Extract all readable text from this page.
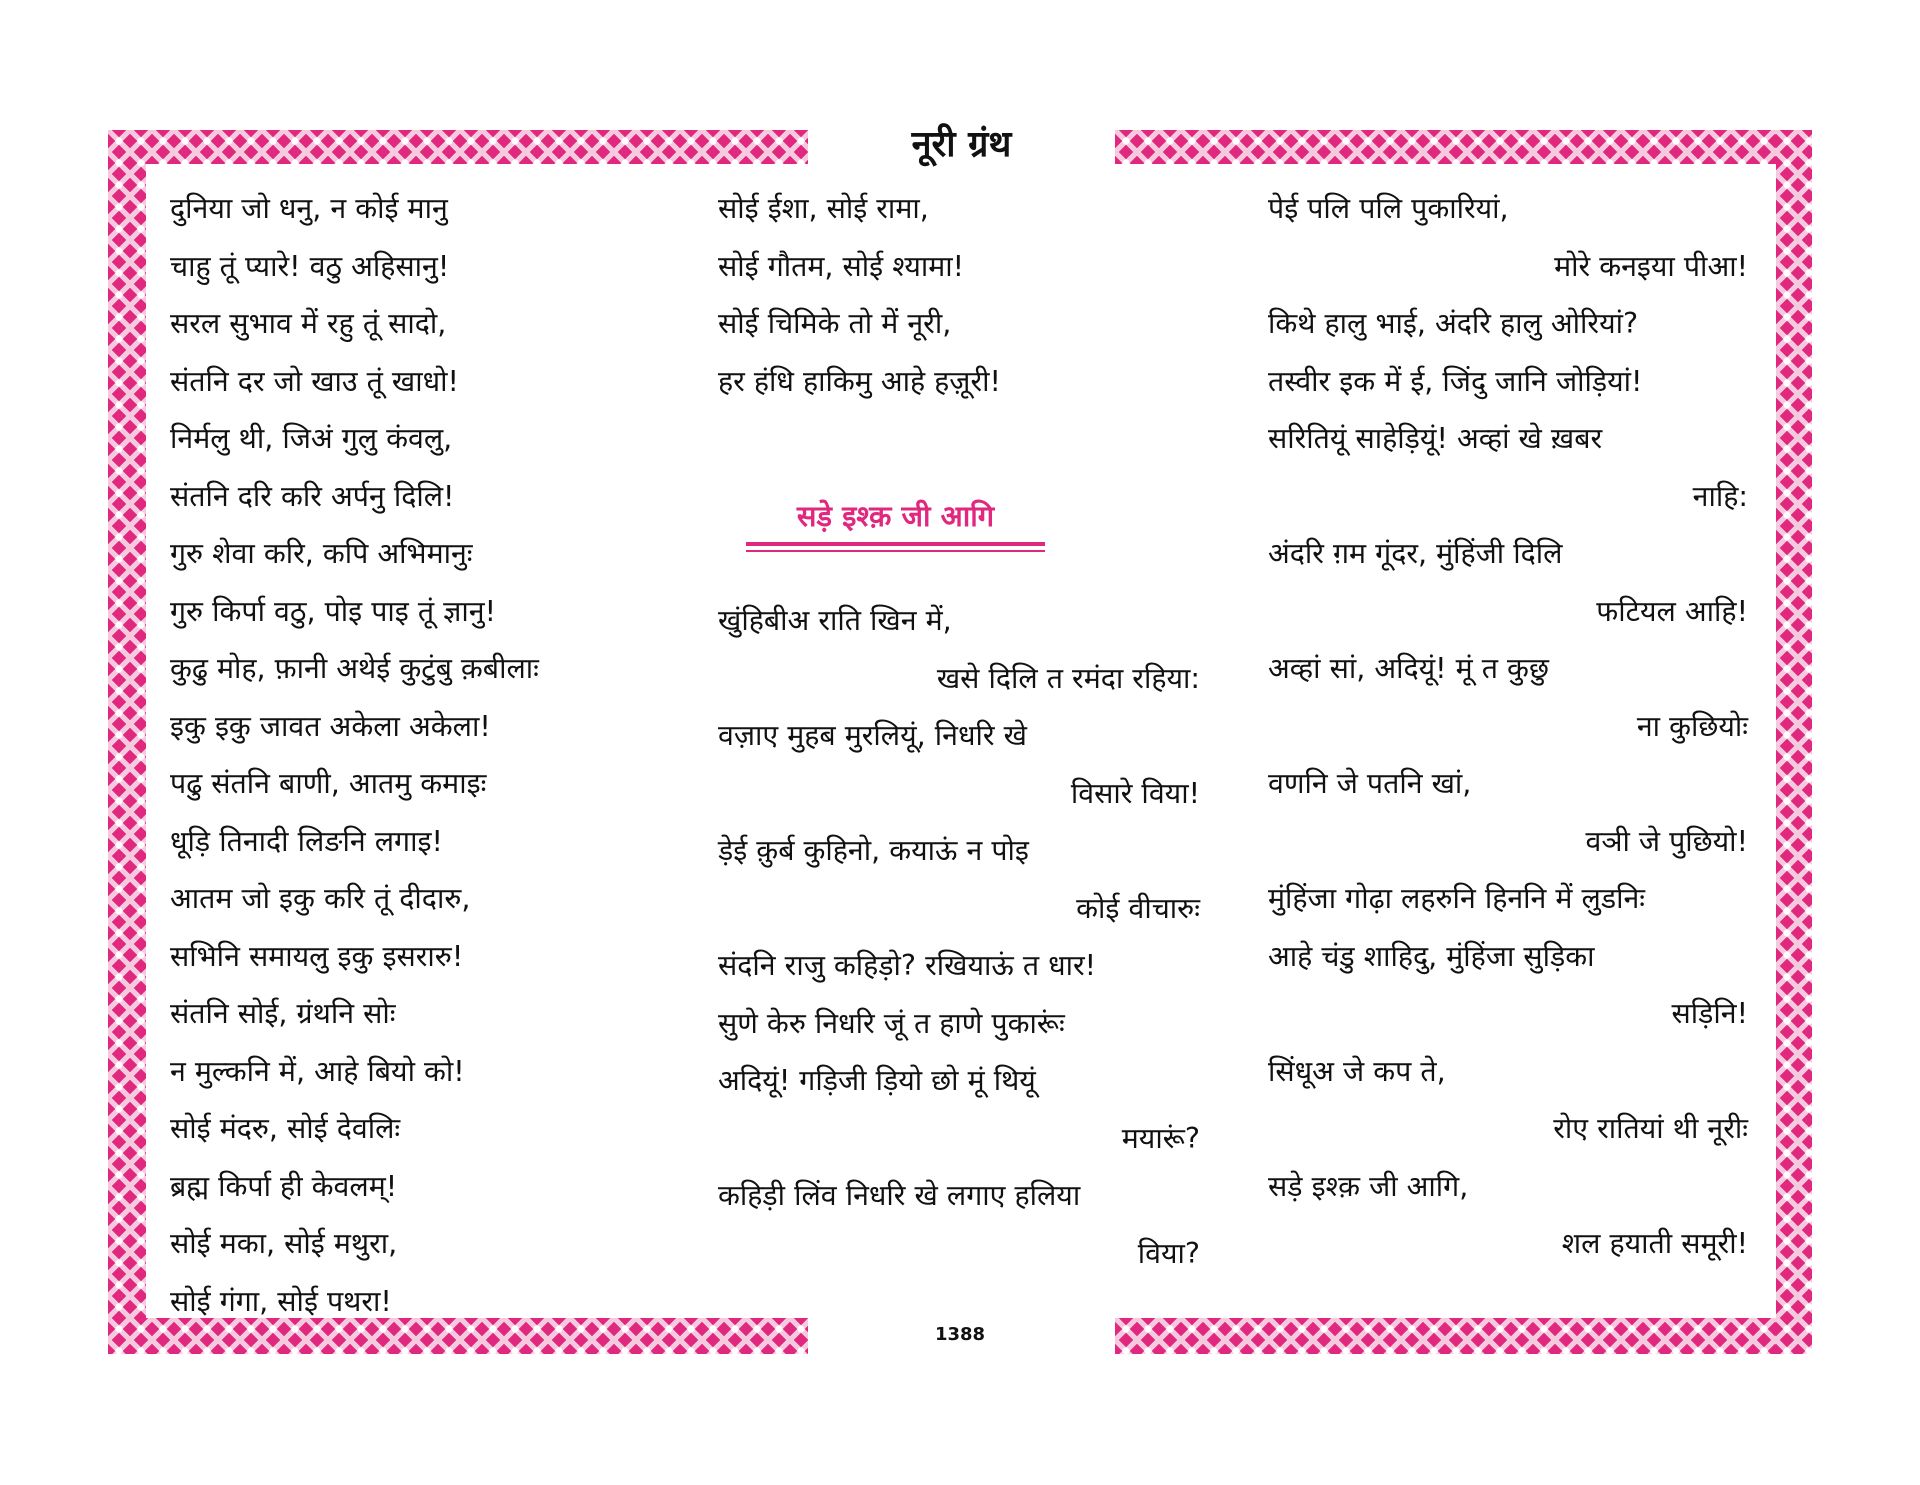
नूरी ग्रंथ
दुनिया जो धनु, न कोई मानु
चाहु तूं प्यारे! वठु अहिसानु!
सरल सुभाव में रहु तूं सादो,
संतनि दर जो खाउ तूं खाधो!
निर्मलु थी, जिअं गुलु कंवलु,
संतनि दरि करि अर्पनु दिलि!
गुरु शेवा करि, कपि अभिमानुः
गुरु किर्पा वठु, पोइ पाइ तूं ज्ञानु!
कुढु मोह, फ़ानी अथेई कुटुंबु क़बीलाः
इकु इकु जावत अकेला अकेला!
पढु संतनि बाणी, आतमु कमाइः
धूड़ि तिनादी लिङनि लगाइ!
आतम जो इकु करि तूं दीदारु,
सभिनि समायलु इकु इसरारु!
संतनि सोई, ग्रंथनि सोः
न मुल्कनि में, आहे बियो को!
सोई मंदरु, सोई देवलिः
ब्रह्म किर्पा ही केवलम्!
सोई मका, सोई मथुरा,
सोई गंगा, सोई पथरा!
सोई ईशा, सोई रामा,
सोई गौतम, सोई श्यामा!
सोई चिमिके तो में नूरी,
हर हंधि हाकिमु आहे हज़ूरी!
सड़े इश्क़ जी आगि
खुंहिबीअ राति खिन में,
खसे दिलि त रमंदा रहिया:
वज़ाए मुहब मुरलियूं, निधरि खे
विसारे विया!
ड़ेई क़ुर्ब कुहिनो, कयाऊं न पोइ
कोई वीचारुः
संदनि राजु कहिड़ो? रखियाऊं त धार!
सुणे केरु निधरि जूं त हाणे पुकारूंः
अदियूं! गड़िजी ड़ियो छो मूं थियूं
मयारूं?
कहिड़ी लिंव निधरि खे लगाए हलिया
विया?
पेई पलि पलि पुकारियां,
मोरे कनइया पीआ!
किथे हालु भाई, अंदरि हालु ओरियां?
तस्वीर इक में ई, जिंदु जानि जोड़ियां!
सरितियूं साहेड़ियूं! अव्हां खे ख़बर
नाहि:
अंदरि ग़म गूंदर, मुंहिंजी दिलि
फटियल आहि!
अव्हां सां, अदियूं! मूं त कुछु
ना कुछियोः
वणनि जे पतनि खां,
वञी जे पुछियो!
मुंहिंजा गोढ़ा लहरुनि हिननि में लुडनिः
आहे चंडु शाहिदु, मुंहिंजा सुड़िका
सड़िनि!
सिंधूअ जे कप ते,
रोए रातियां थी नूरीः
सड़े इश्क़ जी आगि,
शल हयाती समूरी!
1388
